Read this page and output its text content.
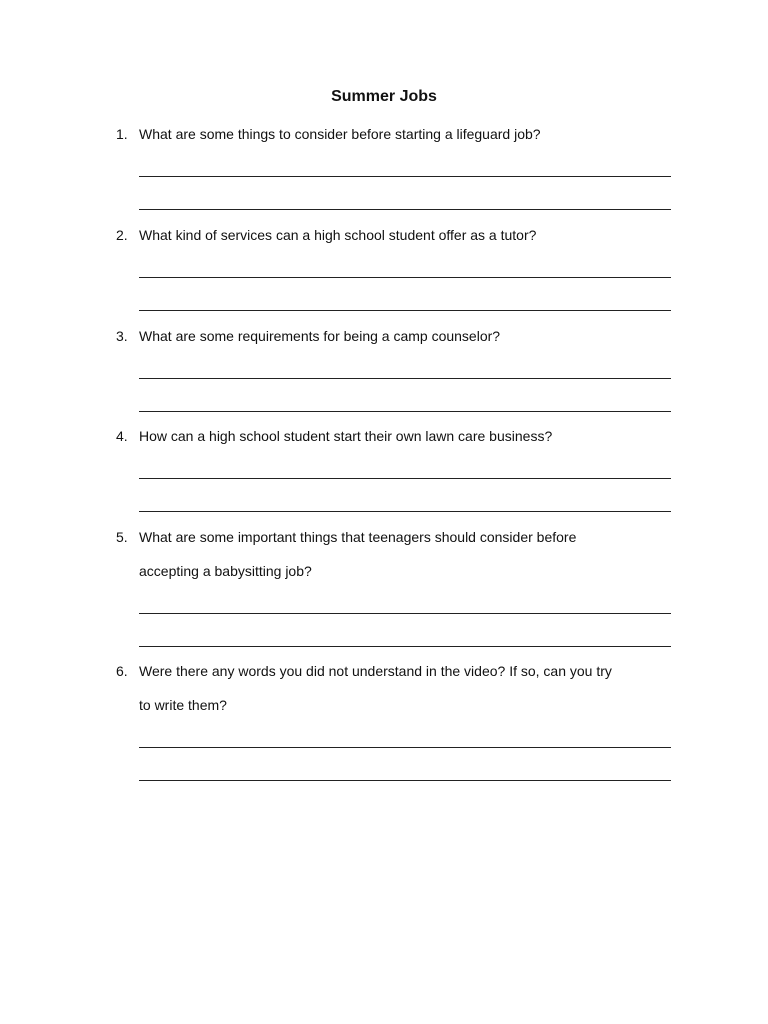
Summer Jobs
1. What are some things to consider before starting a lifeguard job?
2. What kind of services can a high school student offer as a tutor?
3. What are some requirements for being a camp counselor?
4. How can a high school student start their own lawn care business?
5. What are some important things that teenagers should consider before
accepting a babysitting job?
6. Were there any words you did not understand in the video? If so, can you try
to write them?
